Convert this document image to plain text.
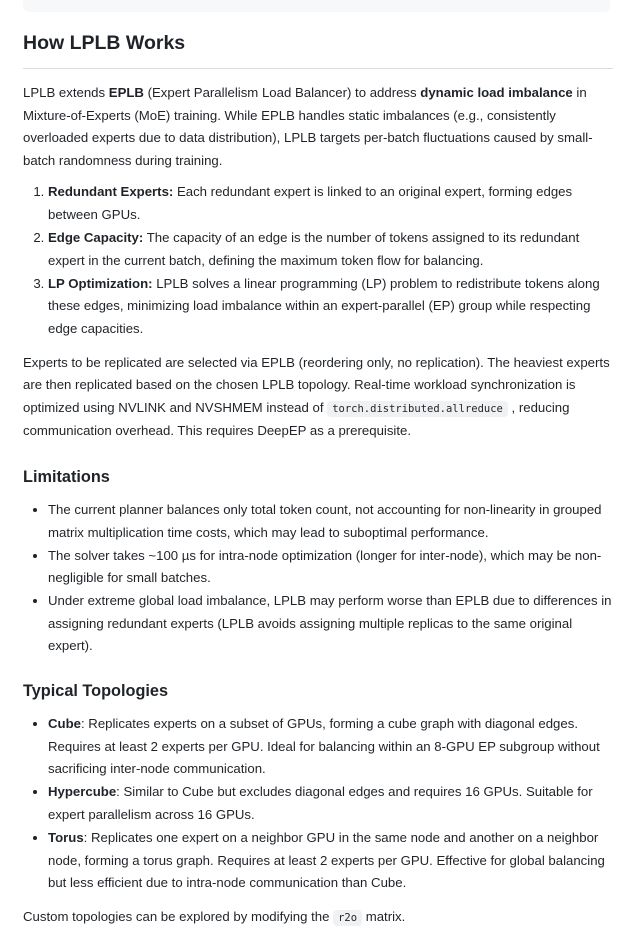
How LPLB Works

LPLB extends EPLB (Expert Parallelism Load Balancer) to address dynamic load imbalance in Mixture-of-Experts (MoE) training. While EPLB handles static imbalances (e.g., consistently overloaded experts due to data distribution), LPLB targets per-batch fluctuations caused by small-batch randomness during training.

1. Redundant Experts: Each redundant expert is linked to an original expert, forming edges between GPUs.
2. Edge Capacity: The capacity of an edge is the number of tokens assigned to its redundant expert in the current batch, defining the maximum token flow for balancing.
3. LP Optimization: LPLB solves a linear programming (LP) problem to redistribute tokens along these edges, minimizing load imbalance within an expert-parallel (EP) group while respecting edge capacities.

Experts to be replicated are selected via EPLB (reordering only, no replication). The heaviest experts are then replicated based on the chosen LPLB topology. Real-time workload synchronization is optimized using NVLINK and NVSHMEM instead of torch.distributed.allreduce , reducing communication overhead. This requires DeepEP as a prerequisite.

Limitations
• The current planner balances only total token count, not accounting for non-linearity in grouped matrix multiplication time costs, which may lead to suboptimal performance.
• The solver takes ~100 µs for intra-node optimization (longer for inter-node), which may be non-negligible for small batches.
• Under extreme global load imbalance, LPLB may perform worse than EPLB due to differences in assigning redundant experts (LPLB avoids assigning multiple replicas to the same original expert).
Typical Topologies
• Cube: Replicates experts on a subset of GPUs, forming a cube graph with diagonal edges. Requires at least 2 experts per GPU. Ideal for balancing within an 8-GPU EP subgroup without sacrificing inter-node communication.
• Hypercube: Similar to Cube but excludes diagonal edges and requires 16 GPUs. Suitable for expert parallelism across 16 GPUs.
• Torus: Replicates one expert on a neighbor GPU in the same node and another on a neighbor node, forming a torus graph. Requires at least 2 experts per GPU. Effective for global balancing but less efficient due to intra-node communication than Cube.

Custom topologies can be explored by modifying the r2o matrix.
